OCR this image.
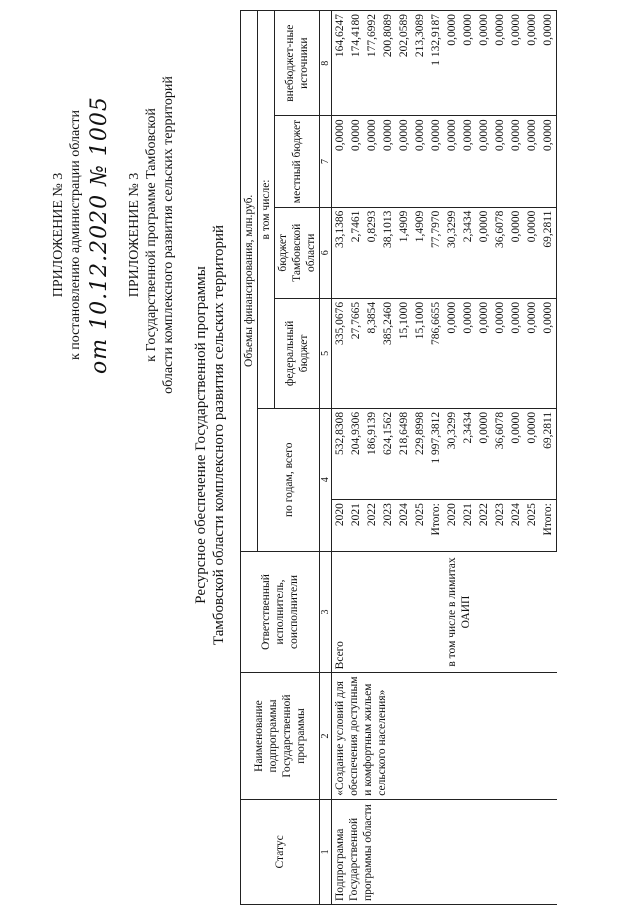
ПРИЛОЖЕНИЕ № 3 к постановлению администрации области от 10.12.2020 № 1005 ПРИЛОЖЕНИЕ № 3 к Государственной программе Тамбовской области комплексного развития сельских территорий
Ресурсное обеспечение Государственной программы Тамбовской области комплексного развития сельских территорий
Статус	Наименование подпрограммы Государственной программы	Ответственный исполнитель, соисполнители	Объемы финансирования, млн.руб.					
			по годам, всего		в том числе:			
					федеральный бюджет	бюджет Тамбовской области	местный бюджет	внебюджет-ные источники
1	2	3	4		5	6	7	8
Подпрограмма Государственной программы области	«Создание условий для обеспечения доступным и комфортным жильем сельского населения»	Всего	2020	532,8308	335,0676	33,1386	0,0000	164,6247
			2021	204,9306	27,7665	2,7461	0,0000	174,4180
			2022	186,9139	8,3854	0,8293	0,0000	177,6992
			2023	624,1562	385,2460	38,1013	0,0000	200,8089
			2024	218,6498	15,1000	1,4909	0,0000	202,0589
			2025	229,8998	15,1000	1,4909	0,0000	213,3089
			Итого:	1 997,3812	786,6655	77,7970	0,0000	1 132,9187
		в том числе в лимитах ОАИП	2020	30,3299	0,0000	30,3299	0,0000	0,0000
			2021	2,3434	0,0000	2,3434	0,0000	0,0000
			2022	0,0000	0,0000	0,0000	0,0000	0,0000
			2023	36,6078	0,0000	36,6078	0,0000	0,0000
			2024	0,0000	0,0000	0,0000	0,0000	0,0000
			2025	0,0000	0,0000	0,0000	0,0000	0,0000
			Итого:	69,2811	0,0000	69,2811	0,0000	0,0000
